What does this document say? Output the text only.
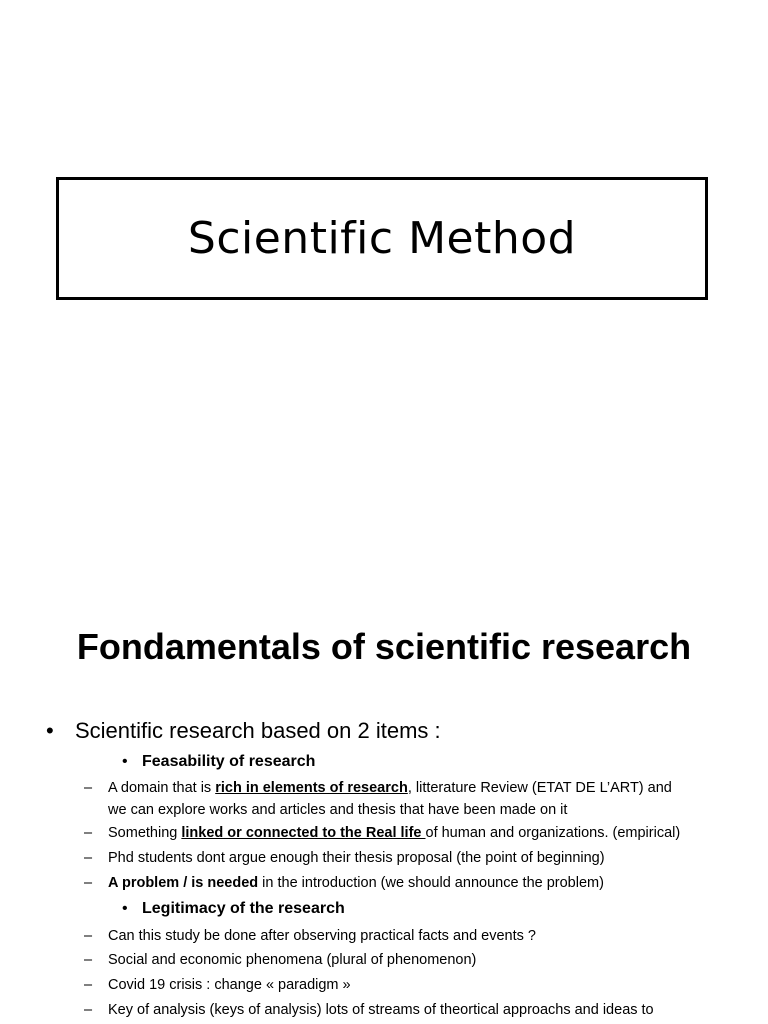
Scientific Method
Fondamentals of scientific research
• Scientific research based on 2 items :
• Feasability of research
– A domain that is rich in elements of research, litterature Review (ETAT DE L’ART) and
we can explore works and articles and thesis that have been made on it
– Something linked or connected to the Real life of human and organizations. (empirical)
– Phd students dont argue enough their thesis proposal (the point of beginning)
– A problem / is needed in the introduction (we should announce the problem)
• Legitimacy of the research
– Can this study be done after observing practical facts and events ?
– Social and economic phenomena (plural of phenomenon)
– Covid 19 crisis : change « paradigm »
– Key of analysis (keys of analysis) lots of streams of theortical approachs and ideas to
